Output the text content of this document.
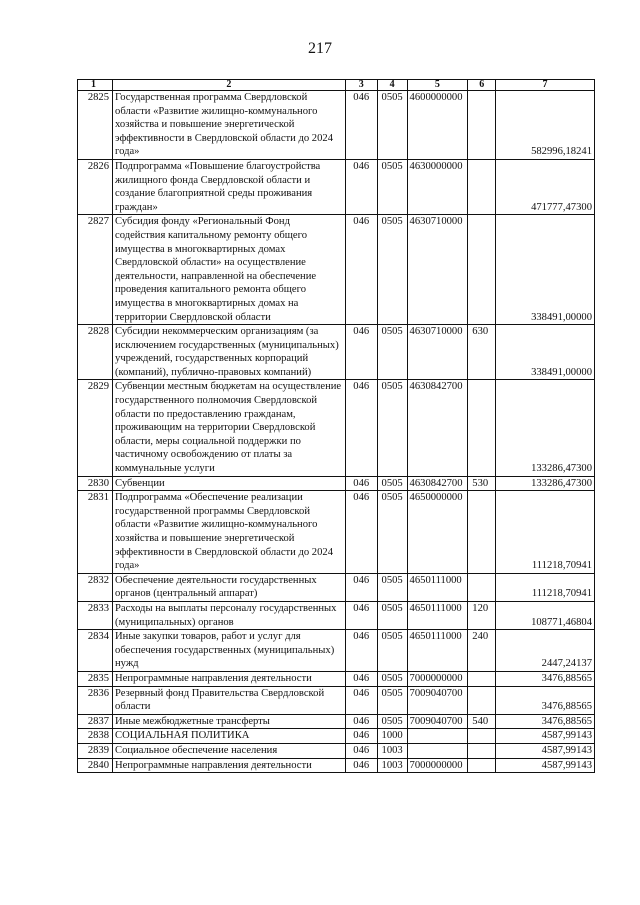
217
1	2	3	4	5	6	7
2825	Государственная программа Свердловской области «Развитие жилищно-коммунального хозяйства и повышение энергетической эффективности в Свердловской области до 2024 года»	046	0505	4600000000		582996,18241
2826	Подпрограмма «Повышение благоустройства жилищного фонда Свердловской области и создание благоприятной среды проживания граждан»	046	0505	4630000000		471777,47300
2827	Субсидия фонду «Региональный Фонд содействия капитальному ремонту общего имущества в многоквартирных домах Свердловской области» на осуществление деятельности, направленной на обеспечение проведения капитального ремонта общего имущества в многоквартирных домах на территории Свердловской области	046	0505	4630710000		338491,00000
2828	Субсидии некоммерческим организациям (за исключением государственных (муниципальных) учреждений, государственных корпораций (компаний), публично-правовых компаний)	046	0505	4630710000	630	338491,00000
2829	Субвенции местным бюджетам на осуществление государственного полномочия Свердловской области по предоставлению гражданам, проживающим на территории Свердловской области, меры социальной поддержки по частичному освобождению от платы за коммунальные услуги	046	0505	4630842700		133286,47300
2830	Субвенции	046	0505	4630842700	530	133286,47300
2831	Подпрограмма «Обеспечение реализации государственной программы Свердловской области «Развитие жилищно-коммунального хозяйства и повышение энергетической эффективности в Свердловской области до 2024 года»	046	0505	4650000000		111218,70941
2832	Обеспечение деятельности государственных органов (центральный аппарат)	046	0505	4650111000		111218,70941
2833	Расходы на выплаты персоналу государственных (муниципальных) органов	046	0505	4650111000	120	108771,46804
2834	Иные закупки товаров, работ и услуг для обеспечения государственных (муниципальных) нужд	046	0505	4650111000	240	2447,24137
2835	Непрограммные направления деятельности	046	0505	7000000000		3476,88565
2836	Резервный фонд Правительства Свердловской области	046	0505	7009040700		3476,88565
2837	Иные межбюджетные трансферты	046	0505	7009040700	540	3476,88565
2838	СОЦИАЛЬНАЯ ПОЛИТИКА	046	1000			4587,99143
2839	Социальное обеспечение населения	046	1003			4587,99143
2840	Непрограммные направления деятельности	046	1003	7000000000		4587,99143
